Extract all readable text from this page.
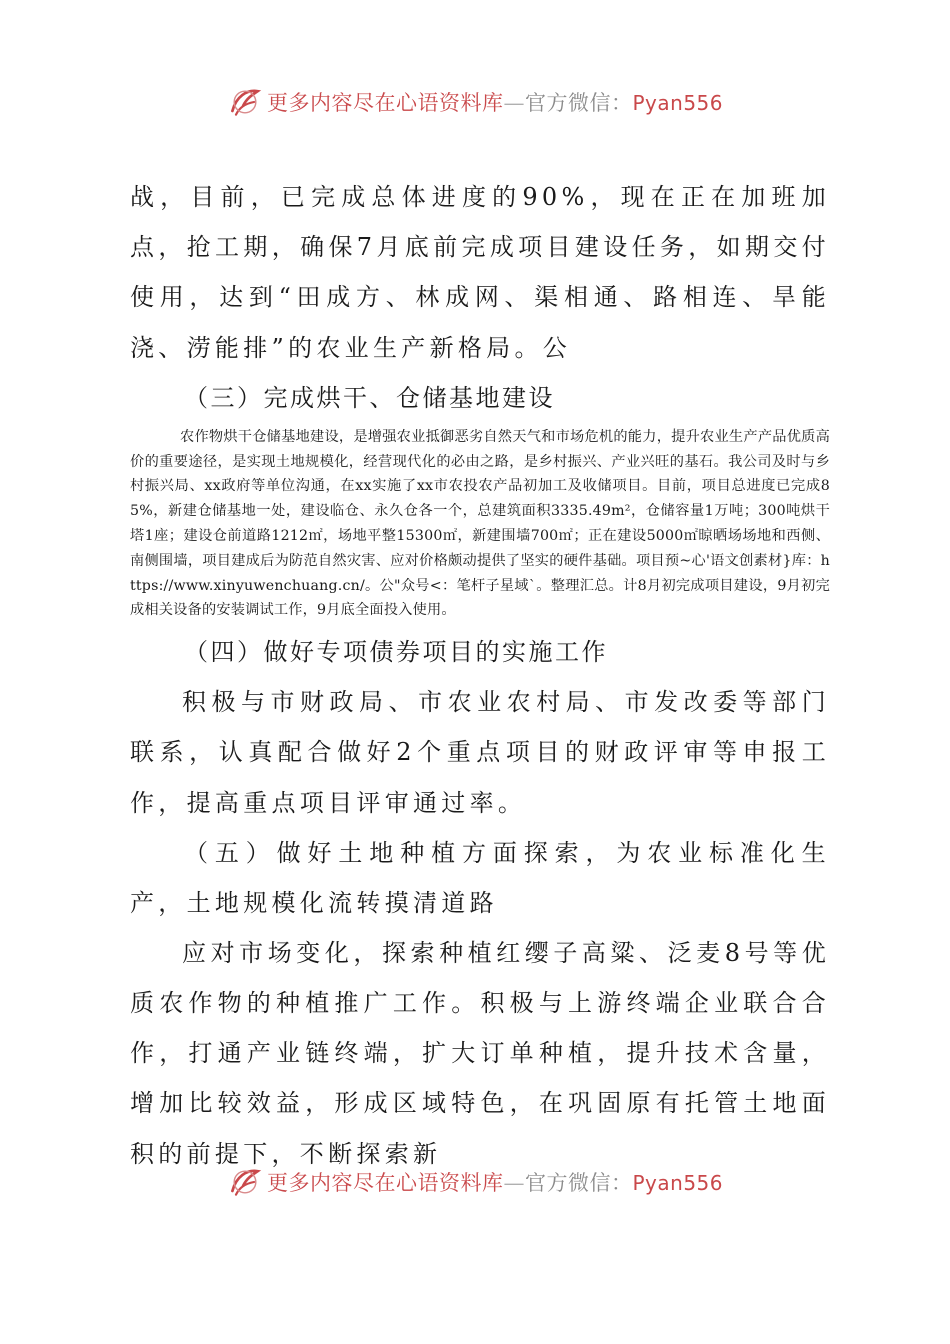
更多内容尽在心语资料库—官方微信：Pyan556

战，目前，已完成总体进度的90%，现在正在加班加点，抢工期，确保7月底前完成项目建设任务，如期交付使用，达到“田成方、林成网、渠相通、路相连、旱能浇、涝能排”的农业生产新格局。公

（三）完成烘干、仓储基地建设

农作物烘干仓储基地建设，是增强农业抵御恶劣自然天气和市场危机的能力，提升农业生产产品优质高价的重要途径，是实现土地规模化，经营现代化的必由之路，是乡村振兴、产业兴旺的基石。我公司及时与乡村振兴局、xx政府等单位沟通，在xx实施了xx市农投农产品初加工及收储项目。目前，项目总进度已完成85%，新建仓储基地一处，建设临仓、永久仓各一个，总建筑面积3335.49m²，仓储容量1万吨；300吨烘干塔1座；建设仓前道路1212㎡，场地平整15300㎡，新建围墙700㎡；正在建设5000㎡晾晒场场地和西侧、南侧围墙，项目建成后为防范自然灾害、应对价格颇动提供了坚实的硬件基础。项目预~心'语文创素材}库：https://www.xinyuwenchuang.cn/。公"众号<：笔杆子星域`。整理汇总。计8月初完成项目建设，9月初完成相关设备的安装调试工作，9月底全面投入使用。

（四）做好专项债券项目的实施工作

积极与市财政局、市农业农村局、市发改委等部门联系，认真配合做好2个重点项目的财政评审等申报工作，提高重点项目评审通过率。

（五）做好土地种植方面探索，为农业标准化生产，土地规模化流转摸清道路

应对市场变化，探索种植红缨子高粱、泛麦8号等优质农作物的种植推广工作。积极与上游终端企业联合合作，打通产业链终端，扩大订单种植，提升技术含量，增加比较效益，形成区域特色，在巩固原有托管土地面积的前提下，不断探索新

更多内容尽在心语资料库—官方微信：Pyan556
